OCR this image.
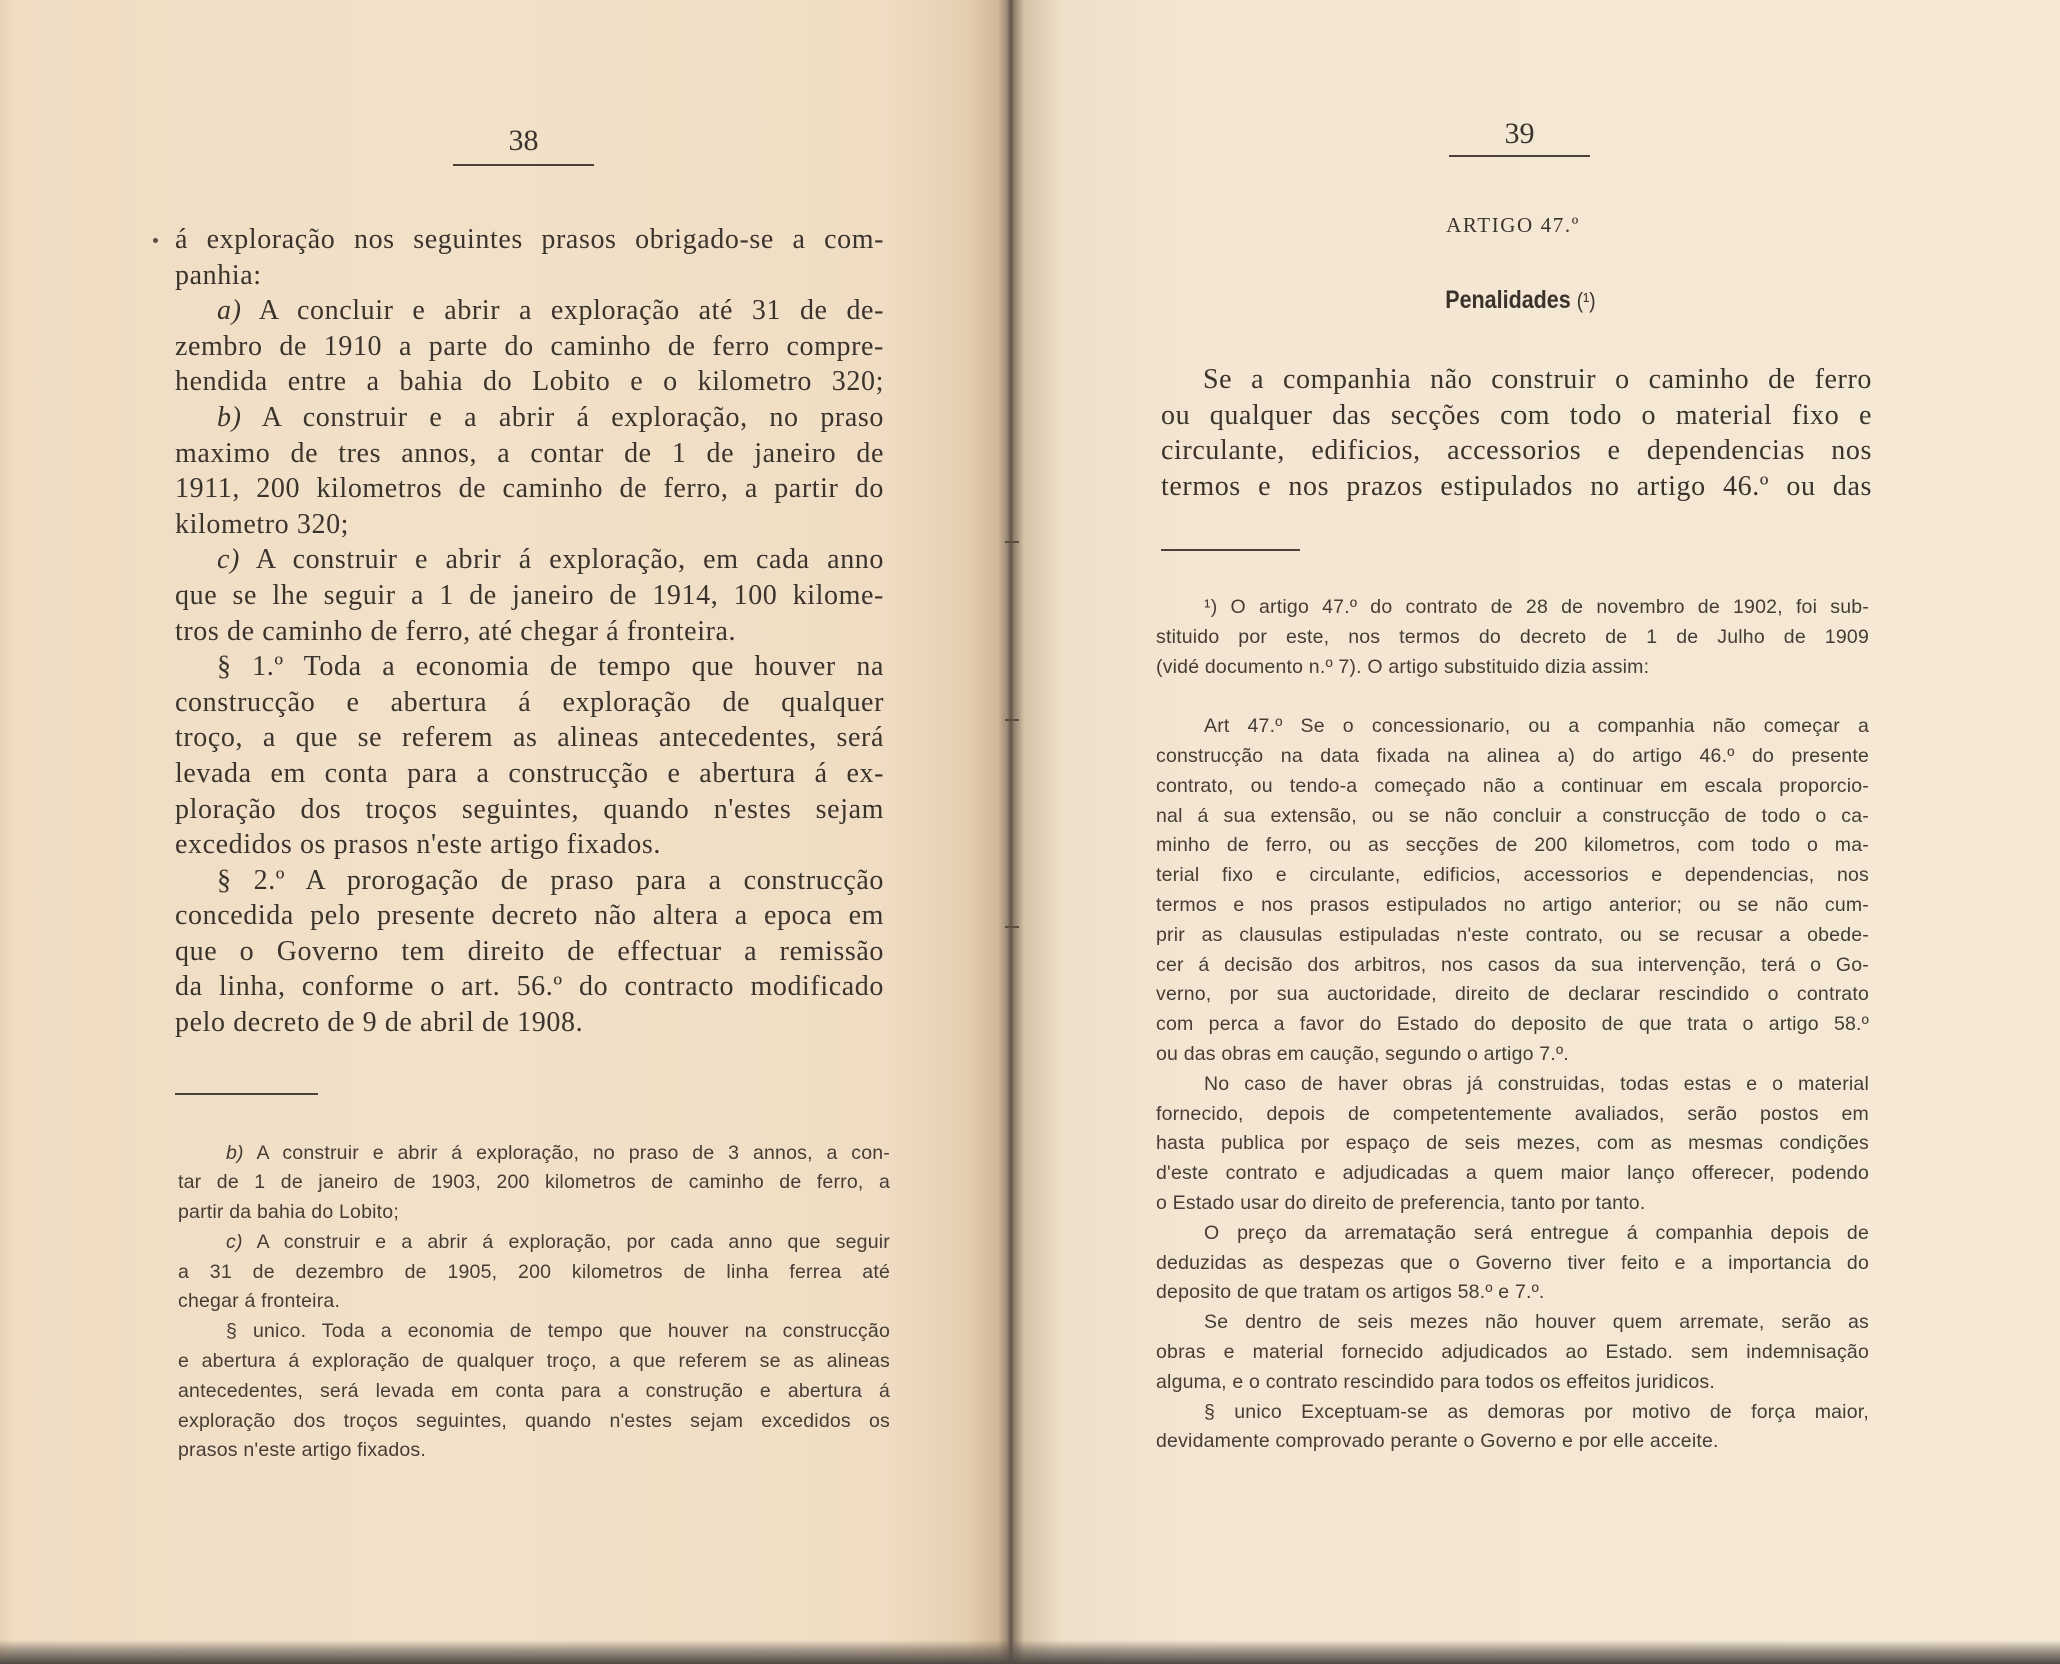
38
á exploração nos seguintes prasos obrigado-se a com-
panhia:
a) A concluir e abrir a exploração até 31 de de-
zembro de 1910 a parte do caminho de ferro compre-
hendida entre a bahia do Lobito e o kilometro 320;
b) A construir e a abrir á exploração, no praso
maximo de tres annos, a contar de 1 de janeiro de
1911, 200 kilometros de caminho de ferro, a partir do
kilometro 320;
c) A construir e abrir á exploração, em cada anno
que se lhe seguir a 1 de janeiro de 1914, 100 kilome-
tros de caminho de ferro, até chegar á fronteira.
§ 1.º Toda a economia de tempo que houver na
construcção e abertura á exploração de qualquer
troço, a que se referem as alineas antecedentes, será
levada em conta para a construcção e abertura á ex-
ploração dos troços seguintes, quando n'estes sejam
excedidos os prasos n'este artigo fixados.
§ 2.º A prorogação de praso para a construcção
concedida pelo presente decreto não altera a epoca em
que o Governo tem direito de effectuar a remissão
da linha, conforme o art. 56.º do contracto modificado
pelo decreto de 9 de abril de 1908.
b) A construir e abrir á exploração, no praso de 3 annos, a con-
tar de 1 de janeiro de 1903, 200 kilometros de caminho de ferro, a
partir da bahia do Lobito;
c) A construir e a abrir á exploração, por cada anno que seguir
a 31 de dezembro de 1905, 200 kilometros de linha ferrea até
chegar á fronteira.
§ unico. Toda a economia de tempo que houver na construcção
e abertura á exploração de qualquer troço, a que referem se as alineas
antecedentes, será levada em conta para a construção e abertura á
exploração dos troços seguintes, quando n'estes sejam excedidos os
prasos n'este artigo fixados.
39
ARTIGO 47.º
Penalidades (¹)
Se a companhia não construir o caminho de ferro
ou qualquer das secções com todo o material fixo e
circulante, edificios, accessorios e dependencias nos
termos e nos prazos estipulados no artigo 46.º ou das
¹) O artigo 47.º do contrato de 28 de novembro de 1902, foi sub-
stituido por este, nos termos do decreto de 1 de Julho de 1909
(vidé documento n.º 7). O artigo substituido dizia assim:
Art 47.º Se o concessionario, ou a companhia não começar a
construcção na data fixada na alinea a) do artigo 46.º do presente
contrato, ou tendo-a começado não a continuar em escala proporcio-
nal á sua extensão, ou se não concluir a construcção de todo o ca-
minho de ferro, ou as secções de 200 kilometros, com todo o ma-
terial fixo e circulante, edificios, accessorios e dependencias, nos
termos e nos prasos estipulados no artigo anterior; ou se não cum-
prir as clausulas estipuladas n'este contrato, ou se recusar a obede-
cer á decisão dos arbitros, nos casos da sua intervenção, terá o Go-
verno, por sua auctoridade, direito de declarar rescindido o contrato
com perca a favor do Estado do deposito de que trata o artigo 58.º
ou das obras em caução, segundo o artigo 7.º.
No caso de haver obras já construidas, todas estas e o material
fornecido, depois de competentemente avaliados, serão postos em
hasta publica por espaço de seis mezes, com as mesmas condições
d'este contrato e adjudicadas a quem maior lanço offerecer, podendo
o Estado usar do direito de preferencia, tanto por tanto.
O preço da arrematação será entregue á companhia depois de
deduzidas as despezas que o Governo tiver feito e a importancia do
deposito de que tratam os artigos 58.º e 7.º.
Se dentro de seis mezes não houver quem arremate, serão as
obras e material fornecido adjudicados ao Estado. sem indemnisação
alguma, e o contrato rescindido para todos os effeitos juridicos.
§ unico Exceptuam-se as demoras por motivo de força maior,
devidamente comprovado perante o Governo e por elle acceite.
